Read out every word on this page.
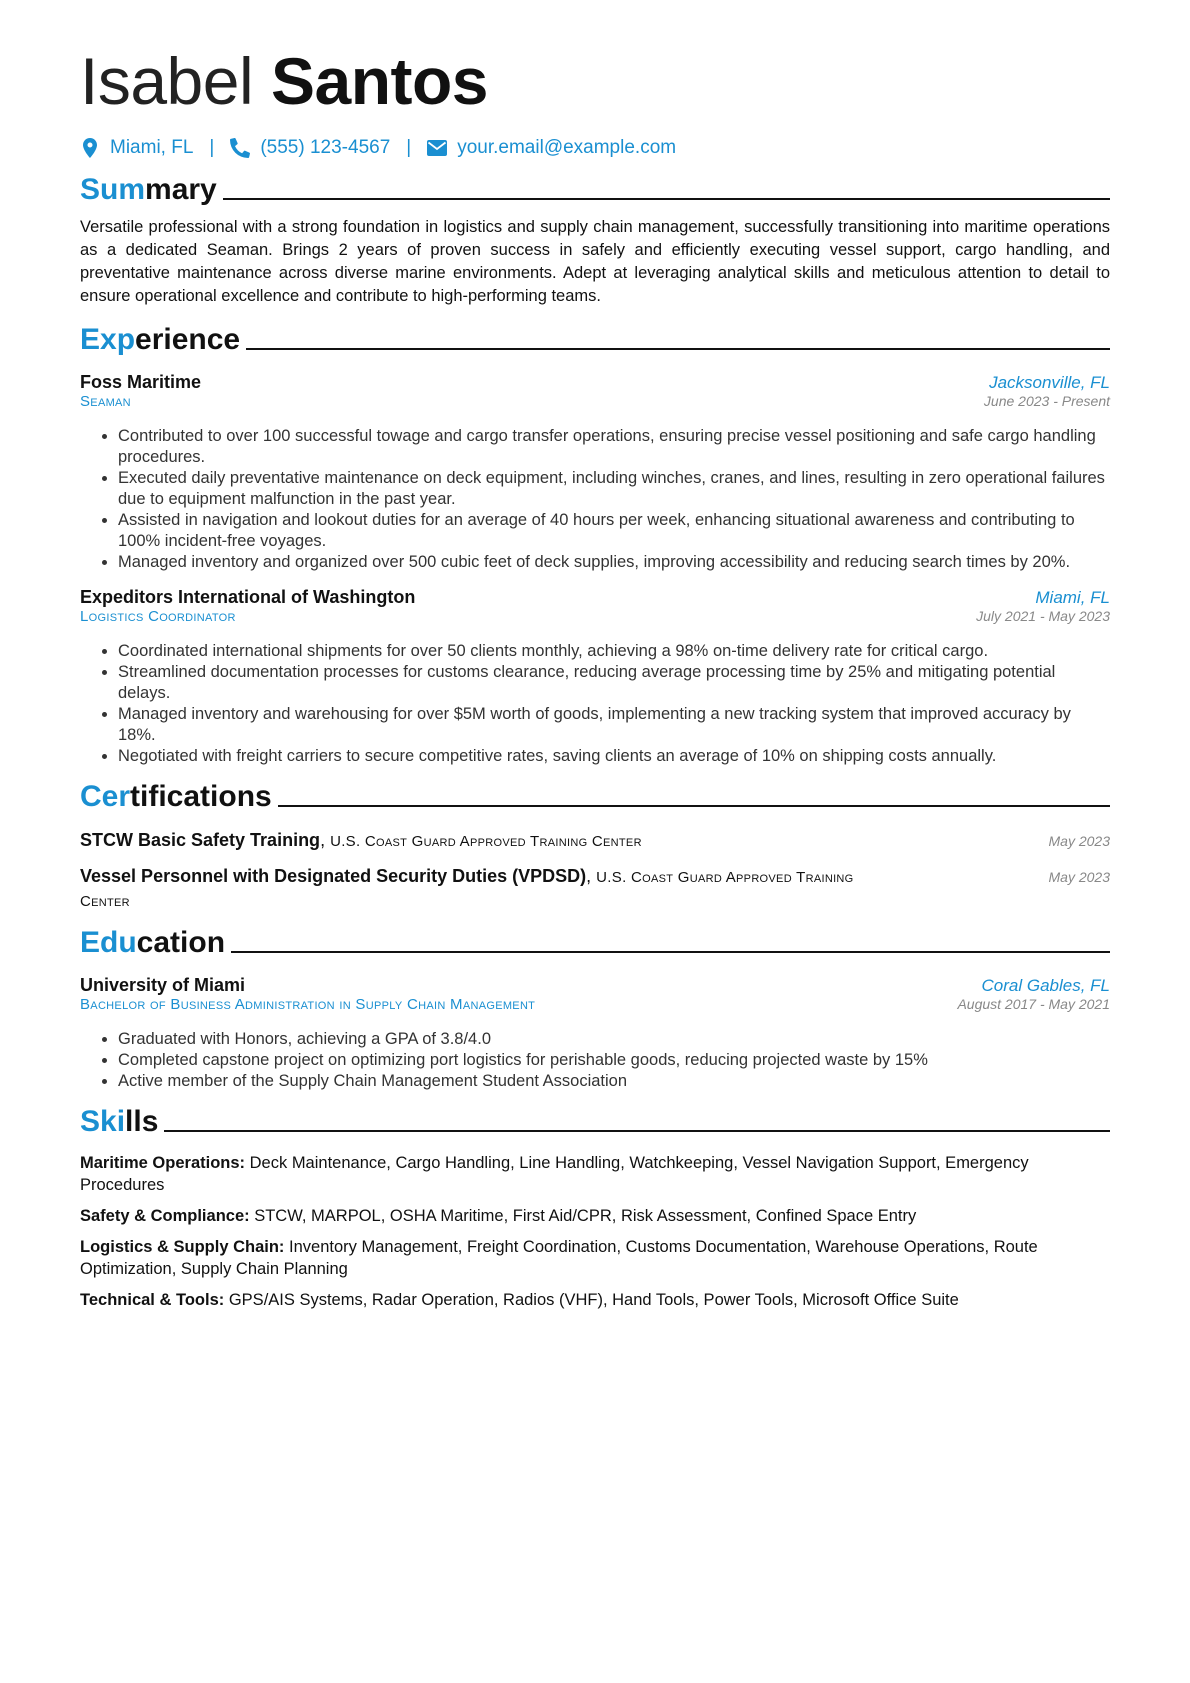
Isabel Santos
Miami, FL | (555) 123-4567 | your.email@example.com
Summary

Versatile professional with a strong foundation in logistics and supply chain management, successfully transitioning into maritime operations as a dedicated Seaman. Brings 2 years of proven success in safely and efficiently executing vessel support, cargo handling, and preventative maintenance across diverse marine environments. Adept at leveraging analytical skills and meticulous attention to detail to ensure operational excellence and contribute to high-performing teams.

Experience
Foss Maritime	Jacksonville, FL
Seaman	June 2023 - Present
• Contributed to over 100 successful towage and cargo transfer operations, ensuring precise vessel positioning and safe cargo handling procedures.
• Executed daily preventative maintenance on deck equipment, including winches, cranes, and lines, resulting in zero operational failures due to equipment malfunction in the past year.
• Assisted in navigation and lookout duties for an average of 40 hours per week, enhancing situational awareness and contributing to 100% incident-free voyages.
• Managed inventory and organized over 500 cubic feet of deck supplies, improving accessibility and reducing search times by 20%.
Expeditors International of Washington	Miami, FL
Logistics Coordinator	July 2021 - May 2023
• Coordinated international shipments for over 50 clients monthly, achieving a 98% on-time delivery rate for critical cargo.
• Streamlined documentation processes for customs clearance, reducing average processing time by 25% and mitigating potential delays.
• Managed inventory and warehousing for over $5M worth of goods, implementing a new tracking system that improved accuracy by 18%.
• Negotiated with freight carriers to secure competitive rates, saving clients an average of 10% on shipping costs annually.
Certifications
STCW Basic Safety Training, U.S. Coast Guard Approved Training Center	May 2023
Vessel Personnel with Designated Security Duties (VPDSD), U.S. Coast Guard Approved Training Center
May 2023
Education
University of Miami	Coral Gables, FL
Bachelor of Business Administration in Supply Chain Management	August 2017 - May 2021
• Graduated with Honors, achieving a GPA of 3.8/4.0
• Completed capstone project on optimizing port logistics for perishable goods, reducing projected waste by 15%
• Active member of the Supply Chain Management Student Association
Skills
Maritime Operations: Deck Maintenance, Cargo Handling, Line Handling, Watchkeeping, Vessel Navigation Support, Emergency Procedures
Safety & Compliance: STCW, MARPOL, OSHA Maritime, First Aid/CPR, Risk Assessment, Confined Space Entry
Logistics & Supply Chain: Inventory Management, Freight Coordination, Customs Documentation, Warehouse Operations, Route Optimization, Supply Chain Planning
Technical & Tools: GPS/AIS Systems, Radar Operation, Radios (VHF), Hand Tools, Power Tools, Microsoft Office Suite
